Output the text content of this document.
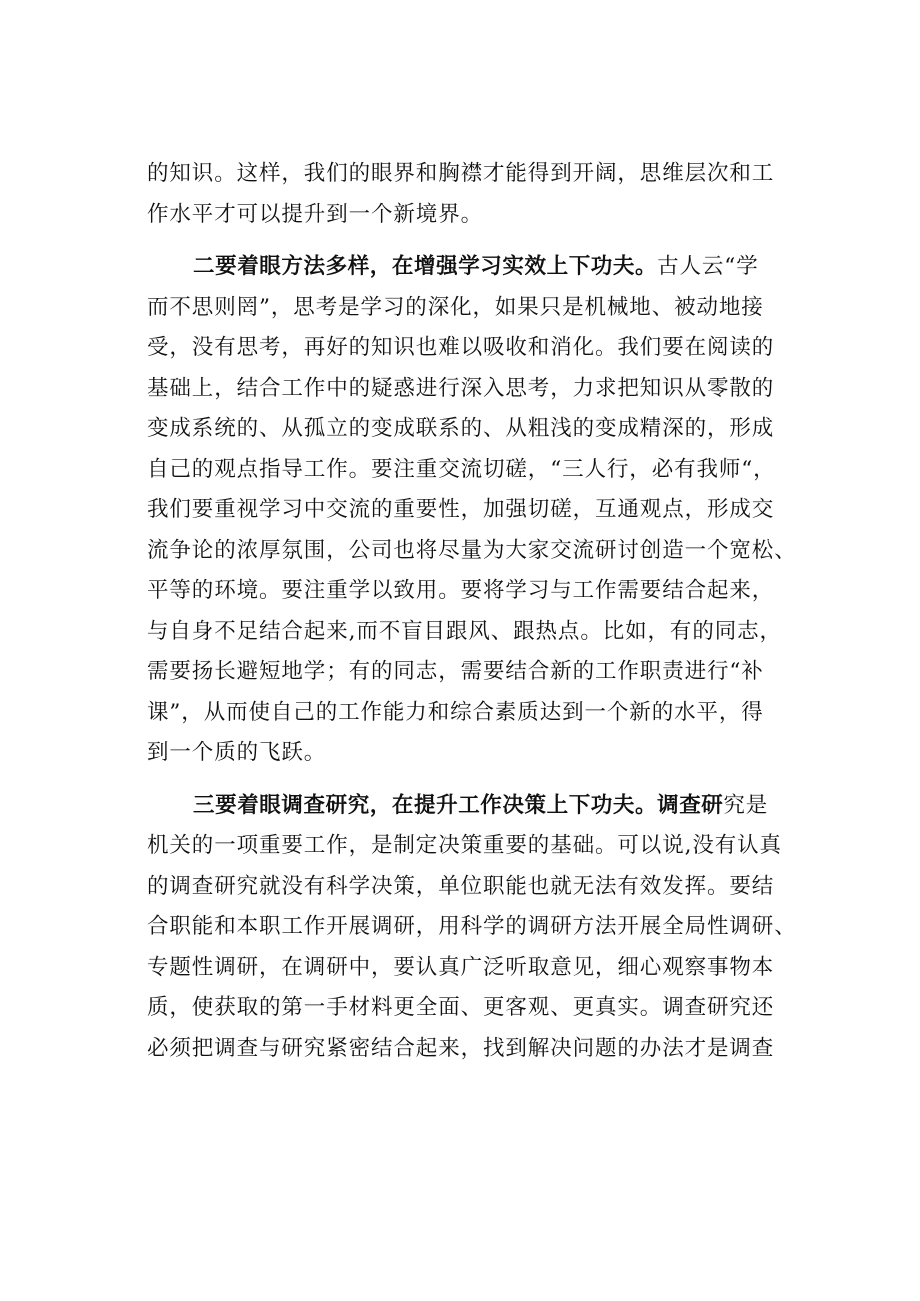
的知识。这样，我们的眼界和胸襟才能得到开阔，思维层次和工
作水平才可以提升到一个新境界。
二要着眼方法多样，在增强学习实效上下功夫。古人云“学
而不思则罔”，思考是学习的深化，如果只是机械地、被动地接
受，没有思考，再好的知识也难以吸收和消化。我们要在阅读的
基础上，结合工作中的疑惑进行深入思考，力求把知识从零散的
变成系统的、从孤立的变成联系的、从粗浅的变成精深的，形成
自己的观点指导工作。要注重交流切磋，“三人行，必有我师“，
我们要重视学习中交流的重要性，加强切磋，互通观点，形成交
流争论的浓厚氛围，公司也将尽量为大家交流研讨创造一个宽松、
平等的环境。要注重学以致用。要将学习与工作需要结合起来，
与自身不足结合起来,而不盲目跟风、跟热点。比如，有的同志，
需要扬长避短地学；有的同志，需要结合新的工作职责进行“补
课”，从而使自己的工作能力和综合素质达到一个新的水平，得
到一个质的飞跃。
三要着眼调查研究，在提升工作决策上下功夫。调查研究是
机关的一项重要工作，是制定决策重要的基础。可以说,没有认真
的调查研究就没有科学决策，单位职能也就无法有效发挥。要结
合职能和本职工作开展调研，用科学的调研方法开展全局性调研、
专题性调研，在调研中，要认真广泛听取意见，细心观察事物本
质，使获取的第一手材料更全面、更客观、更真实。调查研究还
必须把调查与研究紧密结合起来，找到解决问题的办法才是调查
